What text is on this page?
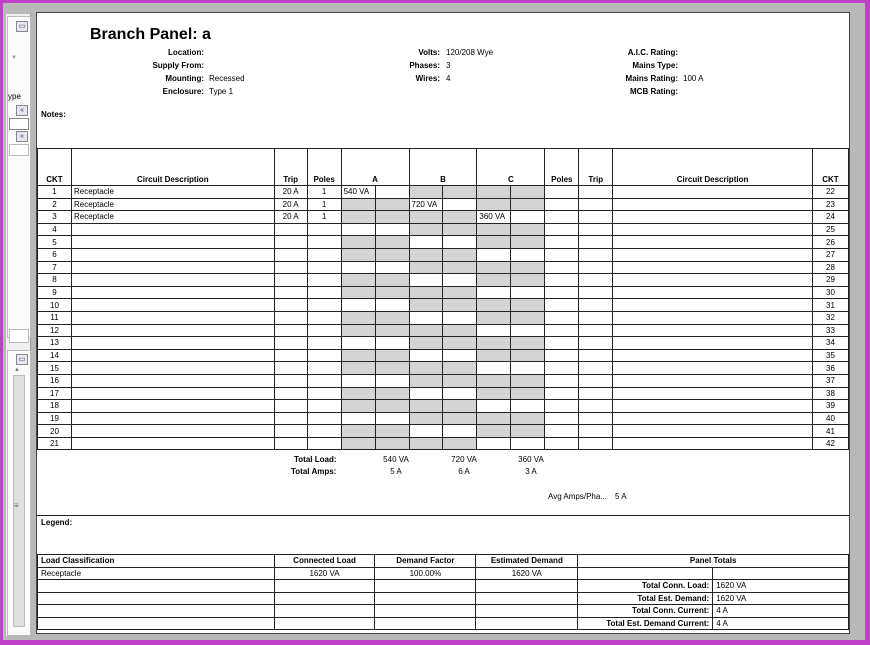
▭
▼
ype
«
«
▭
▲
≡
Branch Panel: a
Location:
Supply From:
Mounting: Recessed
Enclosure: Type 1
Volts: 120/208 Wye
Phases: 3
Wires: 4
A.I.C. Rating:
Mains Type:
Mains Rating: 100 A
MCB Rating:
Notes:
CKT	Circuit Description	Trip	Poles	A		B		C		Poles	Trip	Circuit Description	CKT
1	Receptacle	20 A	1	540 VA									22
2	Receptacle	20 A	1			720 VA							23
3	Receptacle	20 A	1					360 VA					24
4													25
5													26
6													27
7													28
8													29
9													30
10													31
11													32
12													33
13													34
14													35
15													36
16													37
17													38
18													39
19													40
20													41
21													42
Total Load:	540 VA	720 VA	360 VA
Total Amps:	5 A	6 A	3 A
Avg Amps/Pha... 5 A
Legend:
Load Classification	Connected Load	Demand Factor	Estimated Demand	Panel Totals	
Receptacle	1620 VA	100.00%	1620 VA		
				Total Conn. Load:	1620 VA
				Total Est. Demand:	1620 VA
				Total Conn. Current:	4 A
				Total Est. Demand Current:	4 A
